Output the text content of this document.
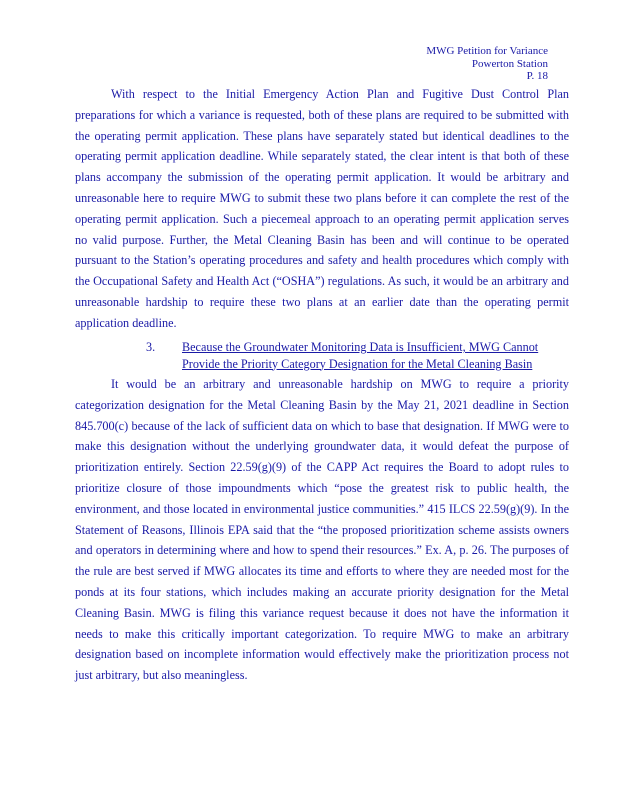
MWG Petition for Variance
Powerton Station
P. 18
With respect to the Initial Emergency Action Plan and Fugitive Dust Control Plan preparations for which a variance is requested, both of these plans are required to be submitted with the operating permit application. These plans have separately stated but identical deadlines to the operating permit application deadline. While separately stated, the clear intent is that both of these plans accompany the submission of the operating permit application. It would be arbitrary and unreasonable here to require MWG to submit these two plans before it can complete the rest of the operating permit application. Such a piecemeal approach to an operating permit application serves no valid purpose. Further, the Metal Cleaning Basin has been and will continue to be operated pursuant to the Station’s operating procedures and safety and health procedures which comply with the Occupational Safety and Health Act (“OSHA”) regulations. As such, it would be an arbitrary and unreasonable hardship to require these two plans at an earlier date than the operating permit application deadline.
3. Because the Groundwater Monitoring Data is Insufficient, MWG Cannot Provide the Priority Category Designation for the Metal Cleaning Basin
It would be an arbitrary and unreasonable hardship on MWG to require a priority categorization designation for the Metal Cleaning Basin by the May 21, 2021 deadline in Section 845.700(c) because of the lack of sufficient data on which to base that designation. If MWG were to make this designation without the underlying groundwater data, it would defeat the purpose of prioritization entirely. Section 22.59(g)(9) of the CAPP Act requires the Board to adopt rules to prioritize closure of those impoundments which “pose the greatest risk to public health, the environment, and those located in environmental justice communities.” 415 ILCS 22.59(g)(9). In the Statement of Reasons, Illinois EPA said that the “the proposed prioritization scheme assists owners and operators in determining where and how to spend their resources.” Ex. A, p. 26. The purposes of the rule are best served if MWG allocates its time and efforts to where they are needed most for the ponds at its four stations, which includes making an accurate priority designation for the Metal Cleaning Basin. MWG is filing this variance request because it does not have the information it needs to make this critically important categorization. To require MWG to make an arbitrary designation based on incomplete information would effectively make the prioritization process not just arbitrary, but also meaningless.
